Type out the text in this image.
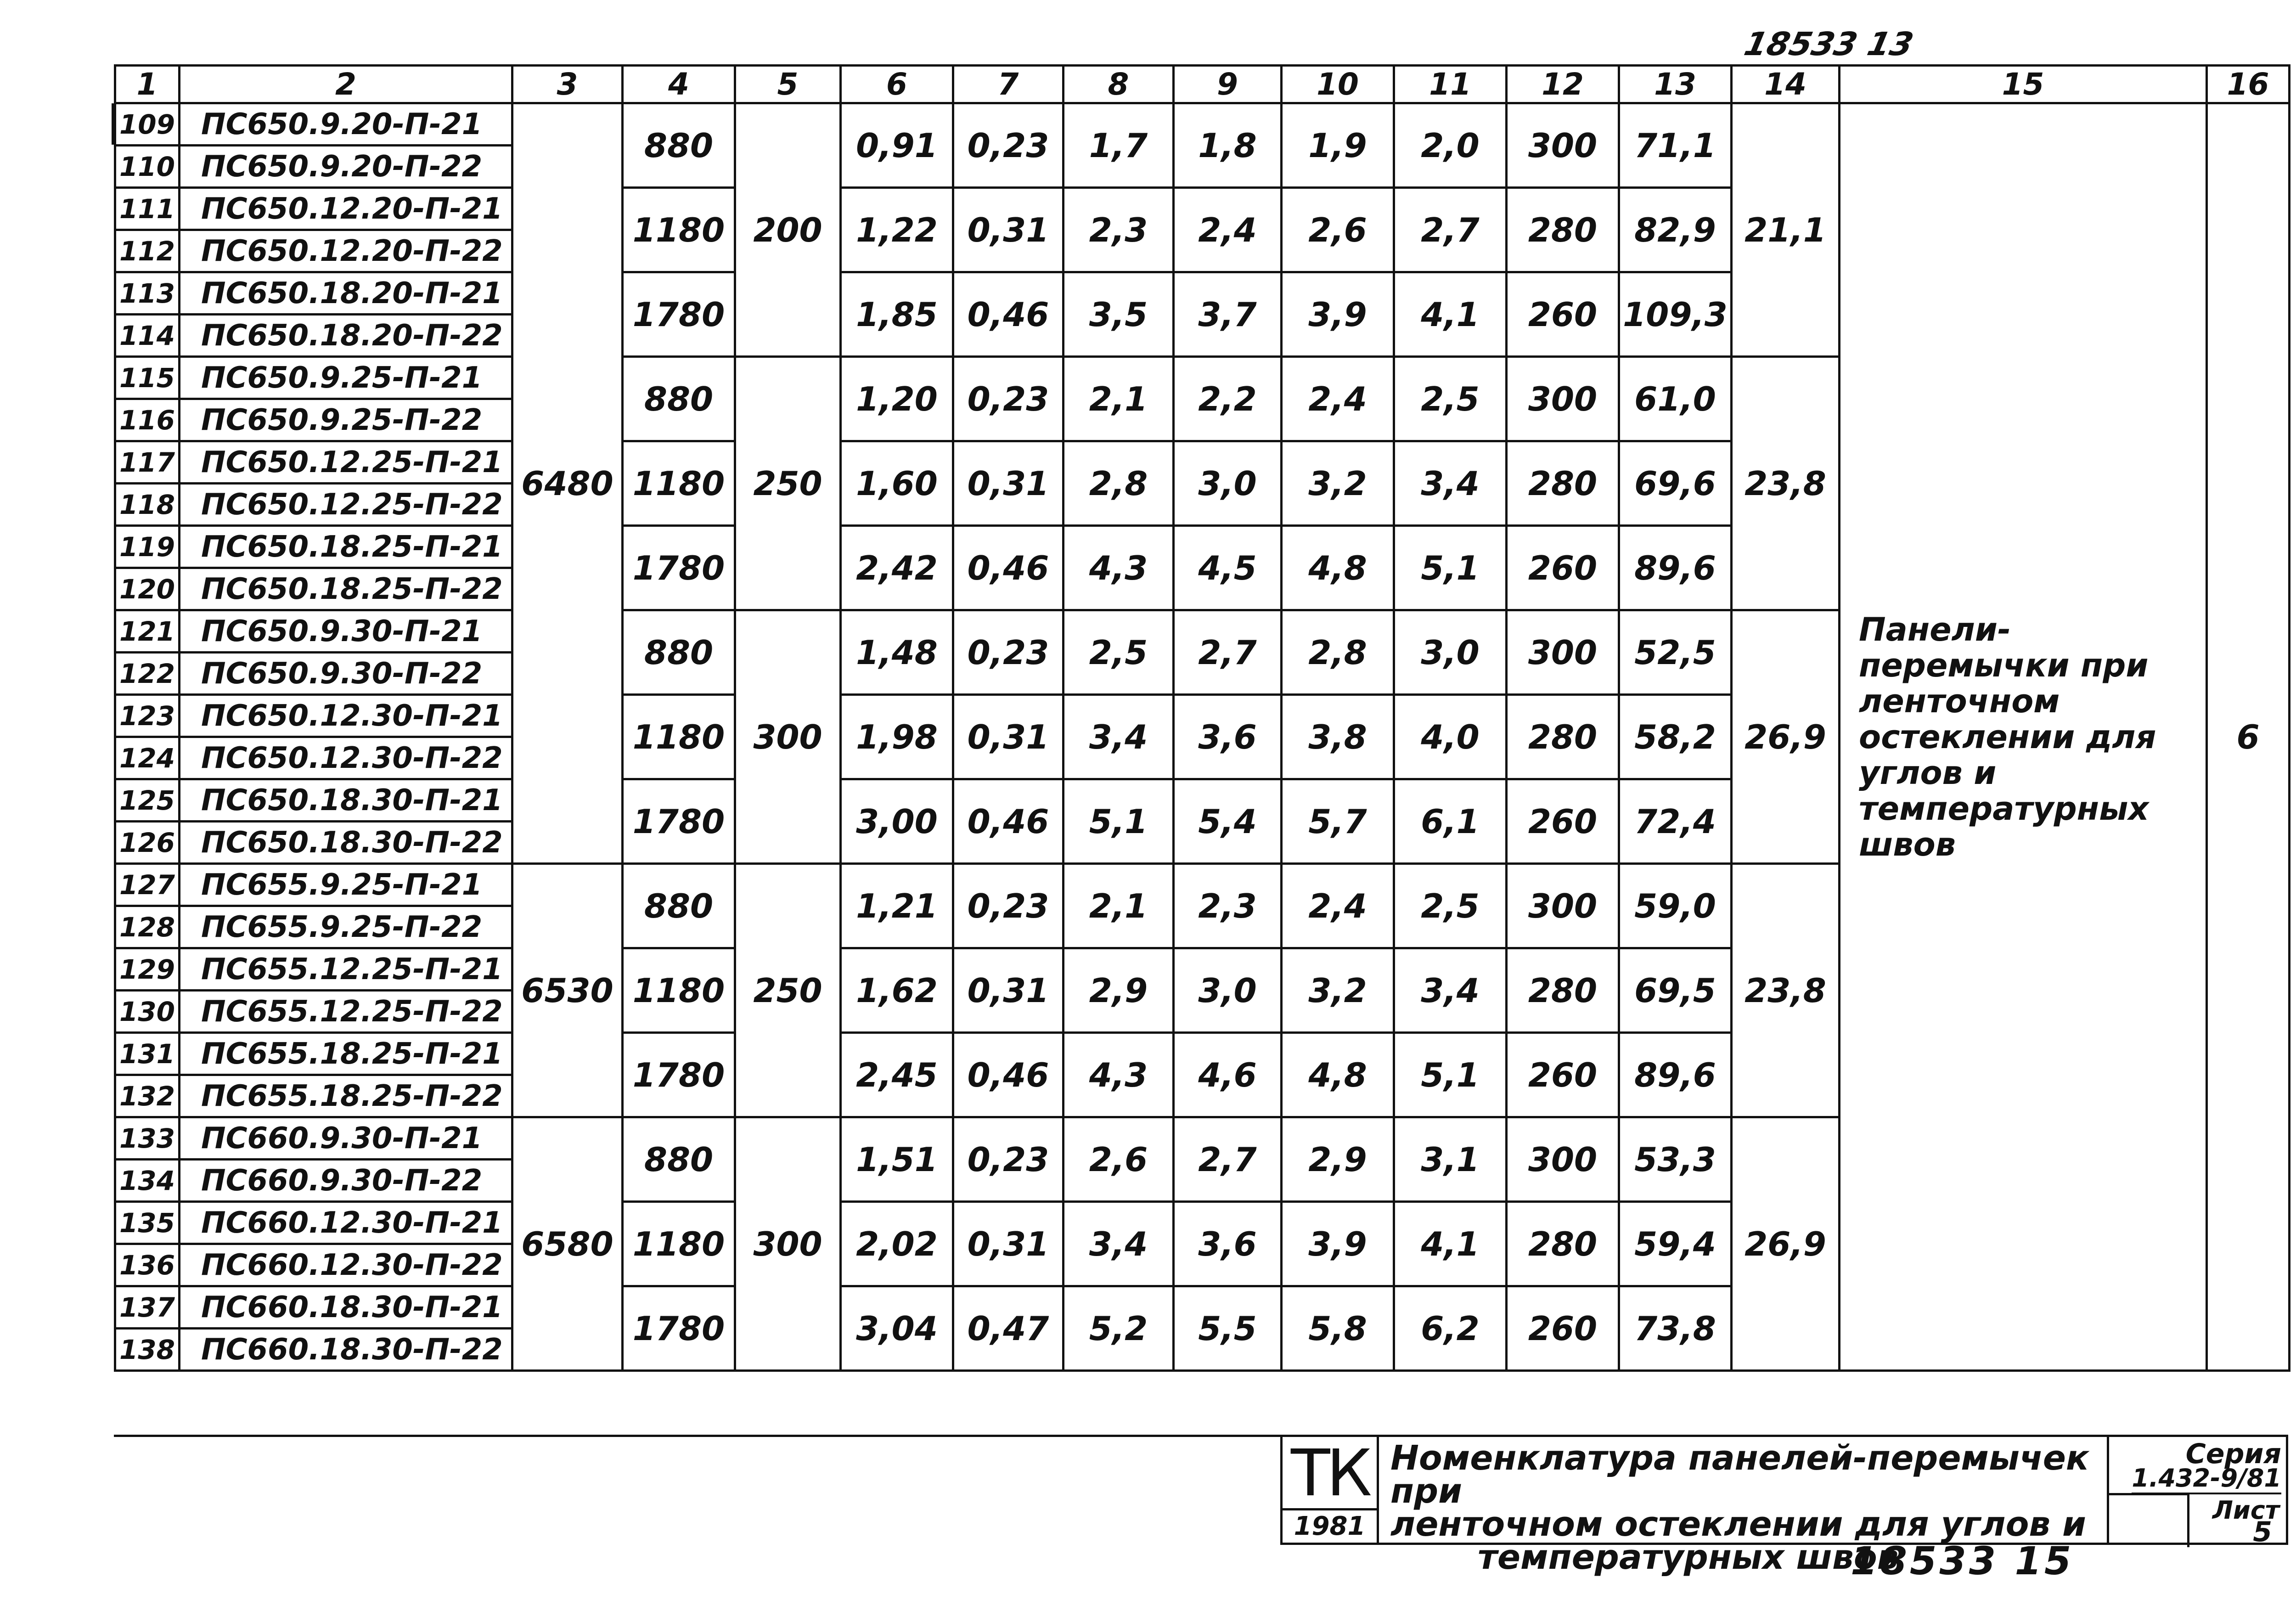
18533 13
1	2	3	4	5	6	7	8	9	10	11	12	13	14	15	16
109	ПС650.9.20-П-21	6480	880	200	0,91	0,23	1,7	1,8	1,9	2,0	300	71,1	21,1	Панели-перемычки при ленточном остеклении для углов и температурных швов	6
110	ПС650.9.20-П-22														
111	ПС650.12.20-П-21		1180		1,22	0,31	2,3	2,4	2,6	2,7	280	82,9			
112	ПС650.12.20-П-22														
113	ПС650.18.20-П-21		1780		1,85	0,46	3,5	3,7	3,9	4,1	260	109,3			
114	ПС650.18.20-П-22														
115	ПС650.9.25-П-21		880	250	1,20	0,23	2,1	2,2	2,4	2,5	300	61,0	23,8		
116	ПС650.9.25-П-22														
117	ПС650.12.25-П-21		1180		1,60	0,31	2,8	3,0	3,2	3,4	280	69,6			
118	ПС650.12.25-П-22														
119	ПС650.18.25-П-21		1780		2,42	0,46	4,3	4,5	4,8	5,1	260	89,6			
120	ПС650.18.25-П-22														
121	ПС650.9.30-П-21		880	300	1,48	0,23	2,5	2,7	2,8	3,0	300	52,5	26,9		
122	ПС650.9.30-П-22														
123	ПС650.12.30-П-21		1180		1,98	0,31	3,4	3,6	3,8	4,0	280	58,2			
124	ПС650.12.30-П-22														
125	ПС650.18.30-П-21		1780		3,00	0,46	5,1	5,4	5,7	6,1	260	72,4			
126	ПС650.18.30-П-22														
127	ПС655.9.25-П-21	6530	880	250	1,21	0,23	2,1	2,3	2,4	2,5	300	59,0	23,8		
128	ПС655.9.25-П-22														
129	ПС655.12.25-П-21		1180		1,62	0,31	2,9	3,0	3,2	3,4	280	69,5			
130	ПС655.12.25-П-22														
131	ПС655.18.25-П-21		1780		2,45	0,46	4,3	4,6	4,8	5,1	260	89,6			
132	ПС655.18.25-П-22														
133	ПС660.9.30-П-21	6580	880	300	1,51	0,23	2,6	2,7	2,9	3,1	300	53,3	26,9		
134	ПС660.9.30-П-22														
135	ПС660.12.30-П-21		1180		2,02	0,31	3,4	3,6	3,9	4,1	280	59,4			
136	ПС660.12.30-П-22														
137	ПС660.18.30-П-21		1780		3,04	0,47	5,2	5,5	5,8	6,2	260	73,8			
138	ПС660.18.30-П-22														
ТК
1981
Номенклатура панелей-перемычек при
ленточном остеклении для углов и
температурных швов
Серия
1.432-9/81
Лист
5
18533 15
